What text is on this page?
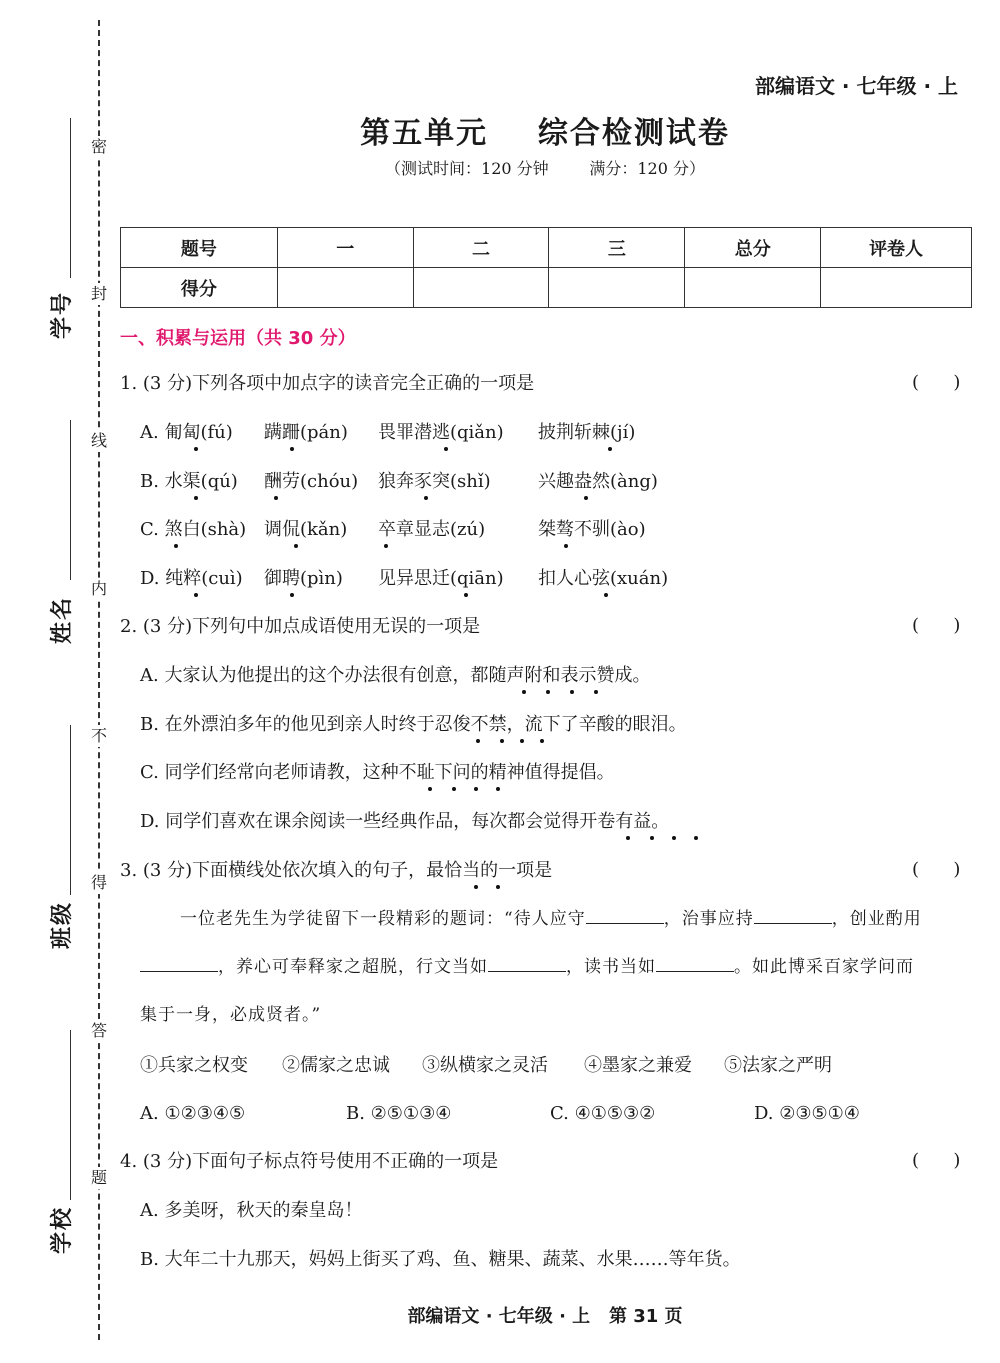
密
封
线
内
不
得
答
题
学号
姓名
班级
学校
部编语文 · 七年级 · 上
第五单元    综合检测试卷
（测试时间：120 分钟        满分：120 分）
题号	一	二	三	总分	评卷人
得分					
一、积累与运用（共 30 分）
1. (3 分)下列各项中加点字的读音完全正确的一项是	(      )
A. 匍匐(fú) 蹒跚(pán) 畏罪潜逃(qiǎn) 披荆斩棘(jí)
B. 水渠(qú) 酬劳(chóu) 狼奔豕突(shǐ)	兴趣盎然(àng)
C. 煞白(shà) 调侃(kǎn) 卒章显志(zú)	桀骜不驯(ào)
D. 纯粹(cuì) 御聘(pìn) 见异思迁(qiān) 扣人心弦(xuán)
2. (3 分)下列句中加点成语使用无误的一项是	(      )
A. 大家认为他提出的这个办法很有创意，都随声附和表示赞成。
B. 在外漂泊多年的他见到亲人时终于忍俊不禁，流下了辛酸的眼泪。
C. 同学们经常向老师请教，这种不耻下问的精神值得提倡。
D. 同学们喜欢在课余阅读一些经典作品，每次都会觉得开卷有益。
3. (3 分)下面横线处依次填入的句子，最恰当的一项是	(      )
一位老先生为学徒留下一段精彩的题词：“待人应守	，治事应持	，创业酌用
，养心可奉释家之超脱，行文当如	，读书当如	。如此博采百家学问而
集于一身，必成贤者。”
①兵家之权变 ②儒家之忠诚 ③纵横家之灵活 ④墨家之兼爱 ⑤法家之严明
A. ①②③④⑤	B. ②⑤①③④	C. ④①⑤③②	D. ②③⑤①④
4. (3 分)下面句子标点符号使用不正确的一项是	(      )
A. 多美呀，秋天的秦皇岛！
B. 大年二十九那天，妈妈上街买了鸡、鱼、糖果、蔬菜、水果……等年货。
部编语文 · 七年级 · 上   第 31 页
